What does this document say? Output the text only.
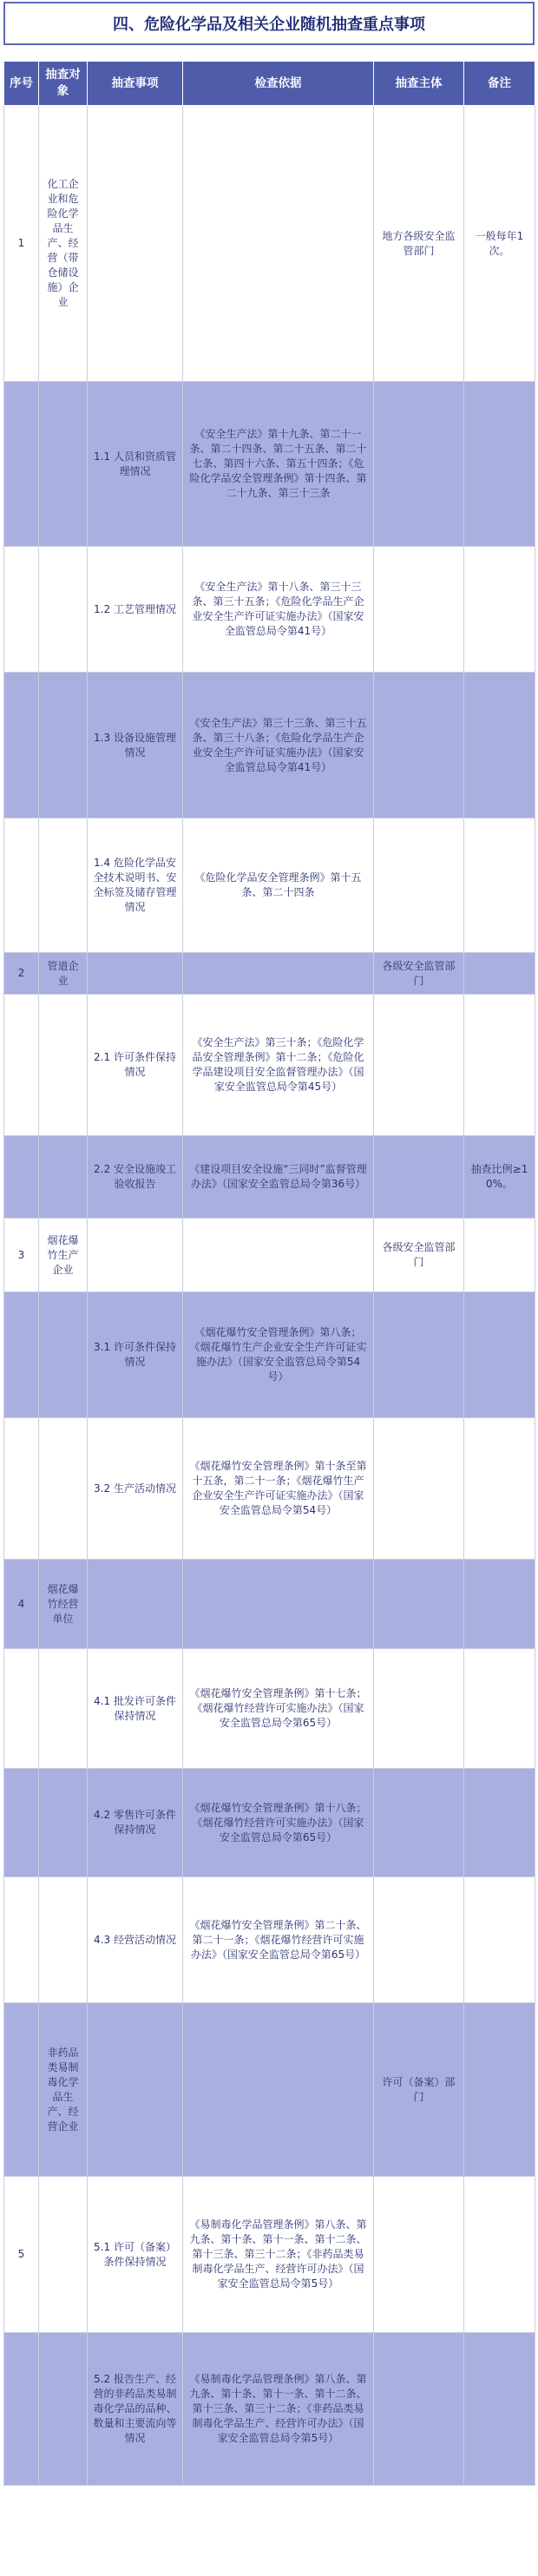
四、危险化学品及相关企业随机抽查重点事项
序号	抽查对象	抽查事项	检查依据	抽查主体	备注
1	化工企业和危险化学品生产、经营（带仓储设施）企业			地方各级安全监管部门	一般每年1次。
		1.1 人员和资质管理情况	《安全生产法》第十九条、第二十一条、第二十四条、第二十五条、第二十七条、第四十六条、第五十四条；《危险化学品安全管理条例》第十四条、第二十九条、第三十三条		
		1.2 工艺管理情况	《安全生产法》第十八条、第三十三条、第三十五条；《危险化学品生产企业安全生产许可证实施办法》（国家安全监管总局令第41号）		
		1.3 设备设施管理情况	《安全生产法》第三十三条、第三十五条、第三十八条；《危险化学品生产企业安全生产许可证实施办法》（国家安全监管总局令第41号）		
		1.4 危险化学品安全技术说明书、安全标签及储存管理情况	《危险化学品安全管理条例》第十五条、第二十四条		
2	管道企业			各级安全监管部门	
		2.1 许可条件保持情况	《安全生产法》第三十条；《危险化学品安全管理条例》第十二条；《危险化学品建设项目安全监督管理办法》（国家安全监管总局令第45号）		
		2.2 安全设施竣工验收报告	《建设项目安全设施“三同时”监督管理办法》（国家安全监管总局令第36号）		抽查比例≥10%。
3	烟花爆竹生产企业			各级安全监管部门	
		3.1 许可条件保持情况	《烟花爆竹安全管理条例》第八条；《烟花爆竹生产企业安全生产许可证实施办法》（国家安全监管总局令第54号）		
		3.2 生产活动情况	《烟花爆竹安全管理条例》第十条至第十五条，第二十一条；《烟花爆竹生产企业安全生产许可证实施办法》（国家安全监管总局令第54号）		
4	烟花爆竹经营单位				
		4.1 批发许可条件保持情况	《烟花爆竹安全管理条例》第十七条；《烟花爆竹经营许可实施办法》（国家安全监管总局令第65号）		
		4.2 零售许可条件保持情况	《烟花爆竹安全管理条例》第十八条；《烟花爆竹经营许可实施办法》（国家安全监管总局令第65号）		
		4.3 经营活动情况	《烟花爆竹安全管理条例》第二十条、第二十一条；《烟花爆竹经营许可实施办法》（国家安全监管总局令第65号）		
	非药品类易制毒化学品生产、经营企业			许可（备案）部门	
5		5.1 许可（备案）条件保持情况	《易制毒化学品管理条例》第八条、第九条、第十条、第十一条、第十二条、第十三条、第三十二条；《非药品类易制毒化学品生产、经营许可办法》（国家安全监管总局令第5号）		
		5.2 报告生产、经营的非药品类易制毒化学品的品种、数量和主要流向等情况	《易制毒化学品管理条例》第八条、第九条、第十条、第十一条、第十二条、第十三条、第三十二条；《非药品类易制毒化学品生产、经营许可办法》（国家安全监管总局令第5号）		
